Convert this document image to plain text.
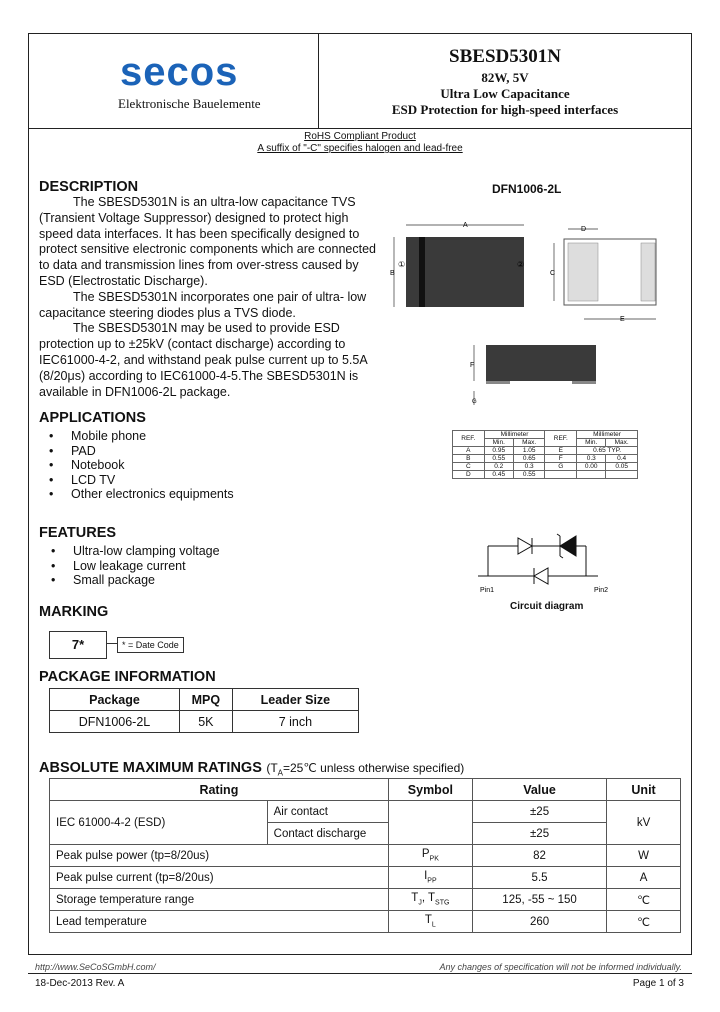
secos
Elektronische Bauelemente
SBESD5301N
82W, 5V
Ultra Low Capacitance
ESD Protection for high-speed interfaces
RoHS Compliant Product
A suffix of "-C" specifies halogen and lead-free
DESCRIPTION

The SBESD5301N is an ultra-low capacitance TVS (Transient Voltage Suppressor) designed to protect high speed data interfaces. It has been specifically designed to protect sensitive electronic components which are connected to data and transmission lines from over-stress caused by ESD (Electrostatic Discharge).

The SBESD5301N incorporates one pair of ultra- low capacitance steering diodes plus a TVS diode.

The SBESD5301N may be used to provide ESD protection up to ±25kV (contact discharge) according to IEC61000-4-2, and withstand peak pulse current up to 5.5A (8/20μs) according to IEC61000-4-5.The SBESD5301N is available in DFN1006-2L package.

DFN1006-2L
A
B
①	②
D
C
E
F
G
REF.	Millimeter		REF.	Millimeter	
	Min.	Max.		Min.	Max.
A	0.95	1.05	E	0.65 TYP.	
B	0.55	0.65	F	0.3	0.4
C	0.2	0.3	G	0.00	0.05
D	0.45	0.55			
APPLICATIONS
• Mobile phone
• PAD
• Notebook
• LCD TV
• Other electronics equipments
FEATURES
• Ultra-low clamping voltage
• Low leakage current
• Small package
Pin1	Pin2
Circuit diagram
MARKING
7*	* = Date Code
PACKAGE INFORMATION
Package	MPQ	Leader Size
DFN1006-2L	5K	7 inch
ABSOLUTE MAXIMUM RATINGS ($T_A=25℃$ unless otherwise specified)
Rating		Symbol	Value	Unit
IEC 61000-4-2 (ESD)	Air contact		±25	kV
	Contact discharge		±25	
Peak pulse power (tp=8/20us)		$P_{PK}$	82	W
Peak pulse current (tp=8/20us)		$I_{PP}$	5.5	A
Storage temperature range		$T_J$, $T_{STG}$	125, -55 ~ 150	℃
Lead temperature		$T_L$	260	℃
http://www.SeCoSGmbH.com/	Any changes of specification will not be informed individually.
18-Dec-2013 Rev. A	Page 1 of 3
